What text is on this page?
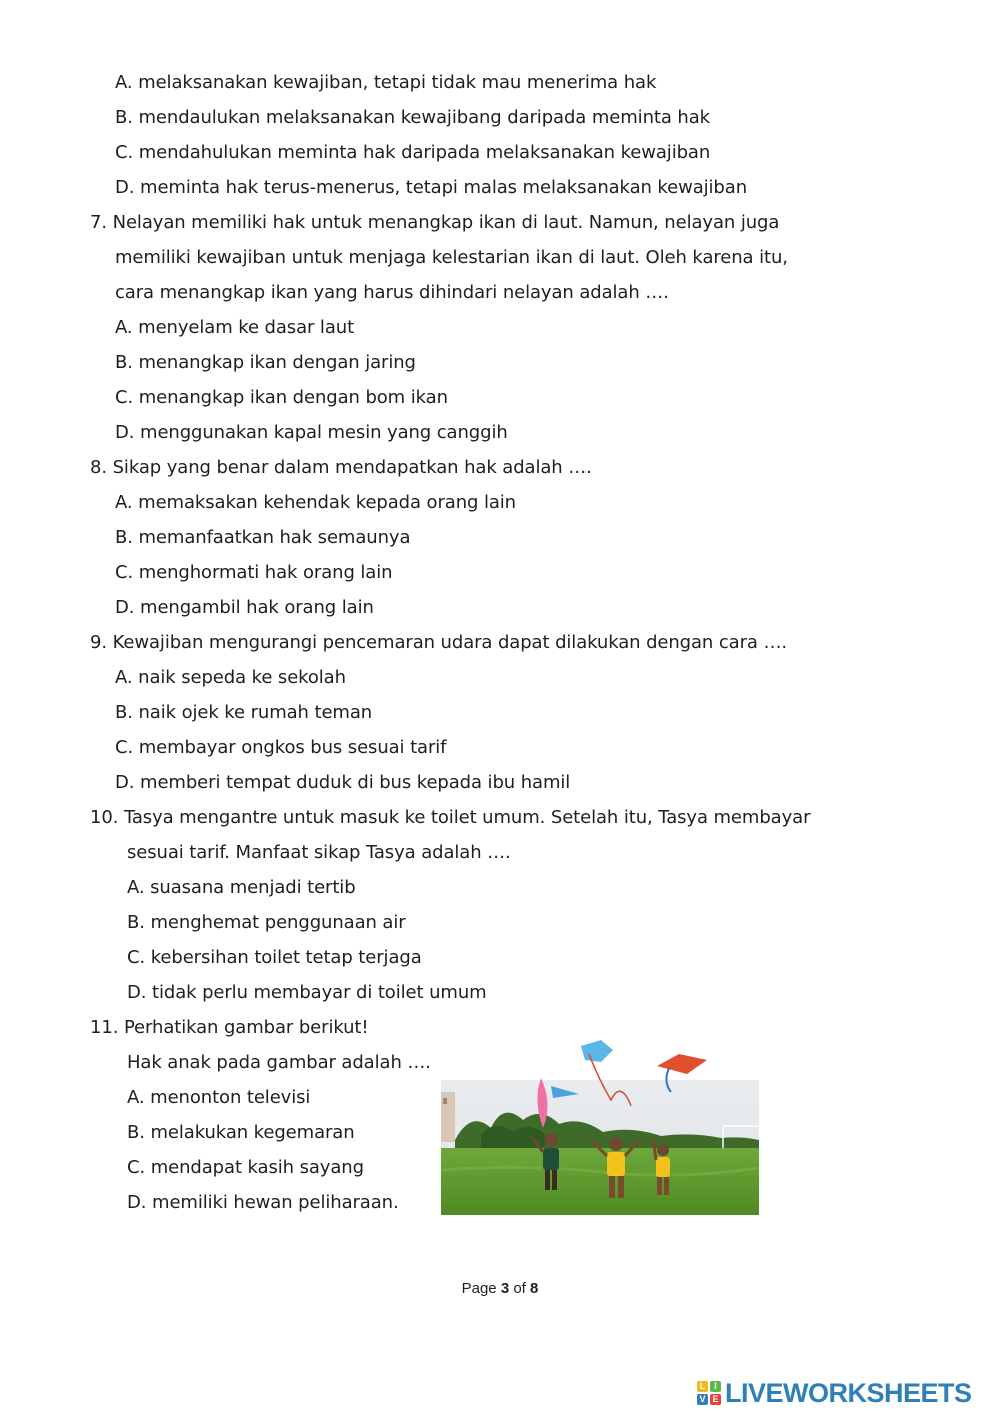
A. melaksanakan kewajiban, tetapi tidak mau menerima hak
B. mendaulukan melaksanakan kewajibang daripada meminta hak
C. mendahulukan meminta hak daripada melaksanakan kewajiban
D. meminta hak terus-menerus, tetapi malas melaksanakan kewajiban
7. Nelayan memiliki hak untuk menangkap ikan di laut. Namun, nelayan juga
memiliki kewajiban untuk menjaga kelestarian ikan di laut. Oleh karena itu,
cara menangkap ikan yang harus dihindari nelayan adalah ….
A. menyelam ke dasar laut
B. menangkap ikan dengan jaring
C. menangkap ikan dengan bom ikan
D. menggunakan kapal mesin yang canggih
8. Sikap yang benar dalam mendapatkan hak adalah ….
A. memaksakan kehendak kepada orang lain
B. memanfaatkan hak semaunya
C. menghormati hak orang lain
D. mengambil hak orang lain
9. Kewajiban mengurangi pencemaran udara dapat dilakukan dengan cara ….
A. naik sepeda ke sekolah
B. naik ojek ke rumah teman
C. membayar ongkos bus sesuai tarif
D. memberi tempat duduk di bus kepada ibu hamil
10. Tasya mengantre untuk masuk ke toilet umum. Setelah itu, Tasya membayar
sesuai tarif. Manfaat sikap Tasya adalah ….
A. suasana menjadi tertib
B. menghemat penggunaan air
C. kebersihan toilet tetap terjaga
D. tidak perlu membayar di toilet umum
11. Perhatikan gambar berikut!
Hak anak pada gambar adalah ….
A. menonton televisi
B. melakukan kegemaran
C. mendapat kasih sayang
D. memiliki hewan peliharaan.
Page 3 of 8
L I
V E LIVEWORKSHEETS
